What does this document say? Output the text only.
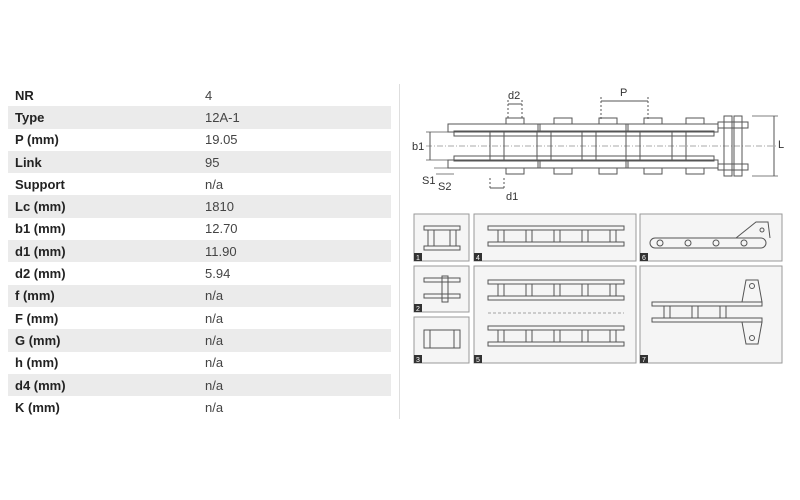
NR	4
Type	12A-1
P (mm)	19.05
Link	95
Support	n/a
Lc (mm)	1810
b1 (mm)	12.70
d1 (mm)	11.90
d2 (mm)	5.94
f (mm)	n/a
F (mm)	n/a
G (mm)	n/a
h (mm)	n/a
d4 (mm)	n/a
K (mm)	n/a
d2	P
b1	L
S1 S2
d1
1
2
3
4
5
6
7
